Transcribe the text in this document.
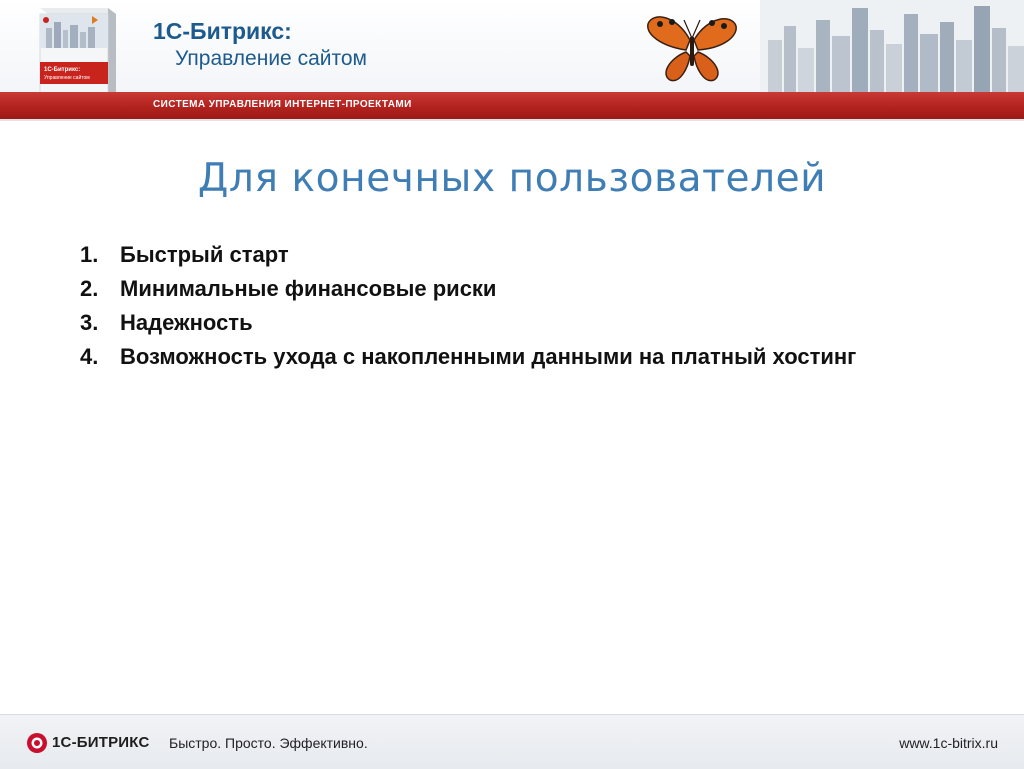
1С-Битрикс:
Управление сайтом
1С-Битрикс:
Управление сайтом
СИСТЕМА УПРАВЛЕНИЯ ИНТЕРНЕТ-ПРОЕКТАМИ
Для конечных пользователей
1. Быстрый старт
2. Минимальные финансовые риски
3. Надежность
4. Возможность ухода с накопленными данными на платный хостинг
1С-БИТРИКС Быстро. Просто. Эффективно.	www.1c-bitrix.ru
